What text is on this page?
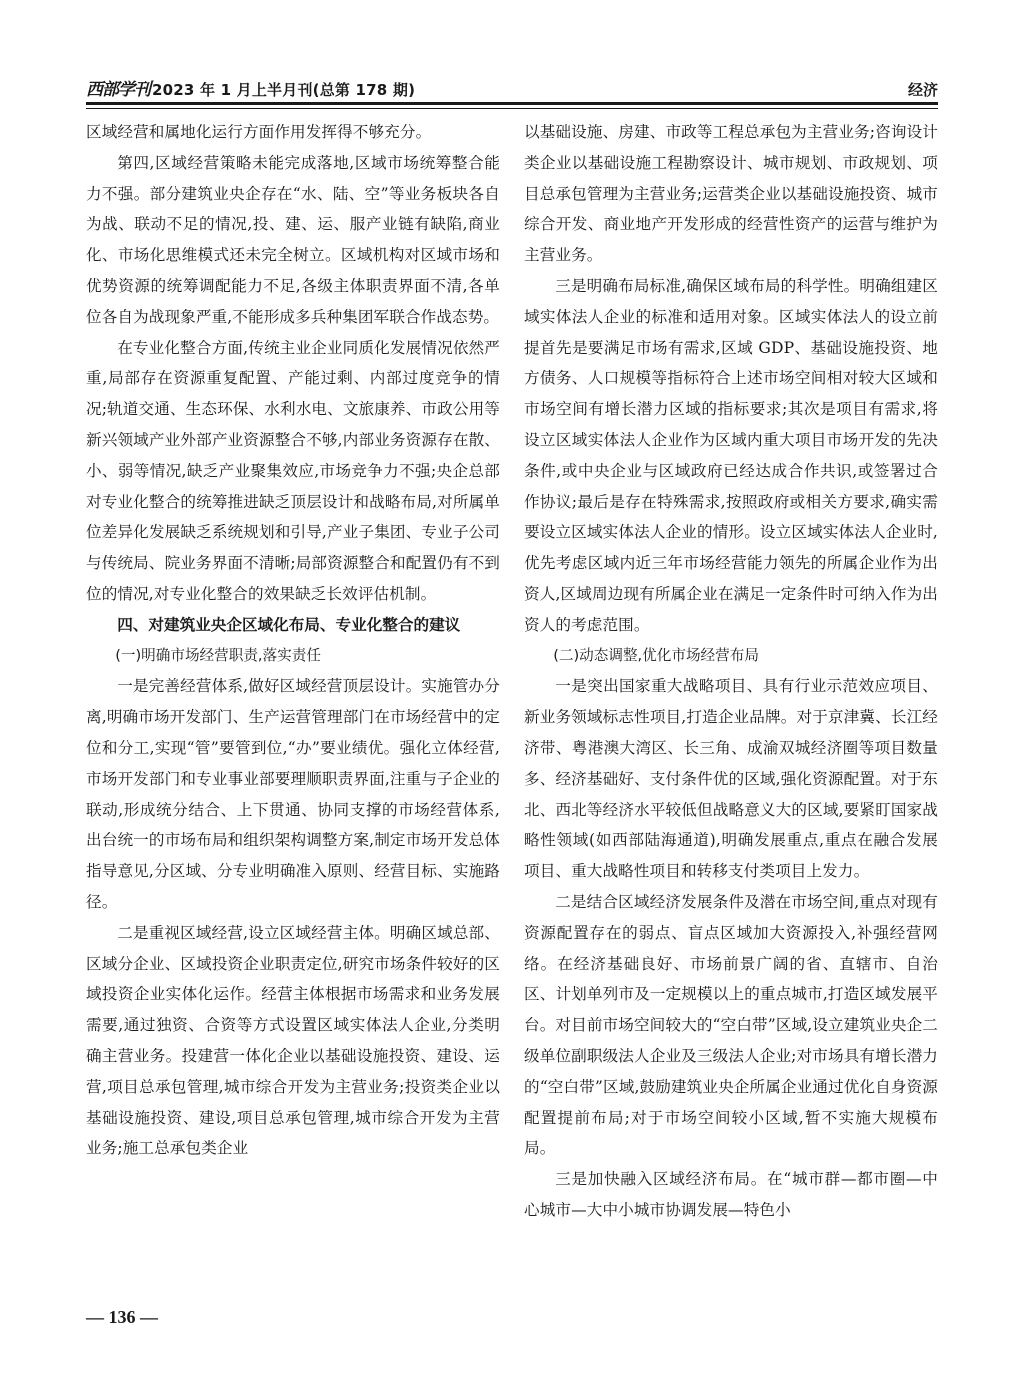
西部学刊 2023 年 1 月上半月刊(总第 178 期)	经济

区域经营和属地化运行方面作用发挥得不够充分。

第四,区域经营策略未能完成落地,区域市场统筹整合能力不强。部分建筑业央企存在“水、陆、空”等业务板块各自为战、联动不足的情况,投、建、运、服产业链有缺陷,商业化、市场化思维模式还未完全树立。区域机构对区域市场和优势资源的统筹调配能力不足,各级主体职责界面不清,各单位各自为战现象严重,不能形成多兵种集团军联合作战态势。

在专业化整合方面,传统主业企业同质化发展情况依然严重,局部存在资源重复配置、产能过剩、内部过度竞争的情况;轨道交通、生态环保、水利水电、文旅康养、市政公用等新兴领域产业外部产业资源整合不够,内部业务资源存在散、小、弱等情况,缺乏产业聚集效应,市场竞争力不强;央企总部对专业化整合的统筹推进缺乏顶层设计和战略布局,对所属单位差异化发展缺乏系统规划和引导,产业子集团、专业子公司与传统局、院业务界面不清晰;局部资源整合和配置仍有不到位的情况,对专业化整合的效果缺乏长效评估机制。

四、对建筑业央企区域化布局、专业化整合的建议

(一)明确市场经营职责,落实责任

一是完善经营体系,做好区域经营顶层设计。实施管办分离,明确市场开发部门、生产运营管理部门在市场经营中的定位和分工,实现“管”要管到位,“办”要业绩优。强化立体经营,市场开发部门和专业事业部要理顺职责界面,注重与子企业的联动,形成统分结合、上下贯通、协同支撑的市场经营体系,出台统一的市场布局和组织架构调整方案,制定市场开发总体指导意见,分区域、分专业明确准入原则、经营目标、实施路径。

二是重视区域经营,设立区域经营主体。明确区域总部、区域分企业、区域投资企业职责定位,研究市场条件较好的区域投资企业实体化运作。经营主体根据市场需求和业务发展需要,通过独资、合资等方式设置区域实体法人企业,分类明确主营业务。投建营一体化企业以基础设施投资、建设、运营,项目总承包管理,城市综合开发为主营业务;投资类企业以基础设施投资、建设,项目总承包管理,城市综合开发为主营业务;施工总承包类企业

以基础设施、房建、市政等工程总承包为主营业务;咨询设计类企业以基础设施工程勘察设计、城市规划、市政规划、项目总承包管理为主营业务;运营类企业以基础设施投资、城市综合开发、商业地产开发形成的经营性资产的运营与维护为主营业务。

三是明确布局标准,确保区域布局的科学性。明确组建区域实体法人企业的标准和适用对象。区域实体法人的设立前提首先是要满足市场有需求,区域 GDP、基础设施投资、地方债务、人口规模等指标符合上述市场空间相对较大区域和市场空间有增长潜力区域的指标要求;其次是项目有需求,将设立区域实体法人企业作为区域内重大项目市场开发的先决条件,或中央企业与区域政府已经达成合作共识,或签署过合作协议;最后是存在特殊需求,按照政府或相关方要求,确实需要设立区域实体法人企业的情形。设立区域实体法人企业时,优先考虑区域内近三年市场经营能力领先的所属企业作为出资人,区域周边现有所属企业在满足一定条件时可纳入作为出资人的考虑范围。

(二)动态调整,优化市场经营布局

一是突出国家重大战略项目、具有行业示范效应项目、新业务领域标志性项目,打造企业品牌。对于京津冀、长江经济带、粤港澳大湾区、长三角、成渝双城经济圈等项目数量多、经济基础好、支付条件优的区域,强化资源配置。对于东北、西北等经济水平较低但战略意义大的区域,要紧盯国家战略性领域(如西部陆海通道),明确发展重点,重点在融合发展项目、重大战略性项目和转移支付类项目上发力。

二是结合区域经济发展条件及潜在市场空间,重点对现有资源配置存在的弱点、盲点区域加大资源投入,补强经营网络。在经济基础良好、市场前景广阔的省、直辖市、自治区、计划单列市及一定规模以上的重点城市,打造区域发展平台。对目前市场空间较大的“空白带”区域,设立建筑业央企二级单位副职级法人企业及三级法人企业;对市场具有增长潜力的“空白带”区域,鼓励建筑业央企所属企业通过优化自身资源配置提前布局;对于市场空间较小区域,暂不实施大规模布局。

三是加快融入区域经济布局。在“城市群—都市圈—中心城市—大中小城市协调发展—特色小

— 136 —
